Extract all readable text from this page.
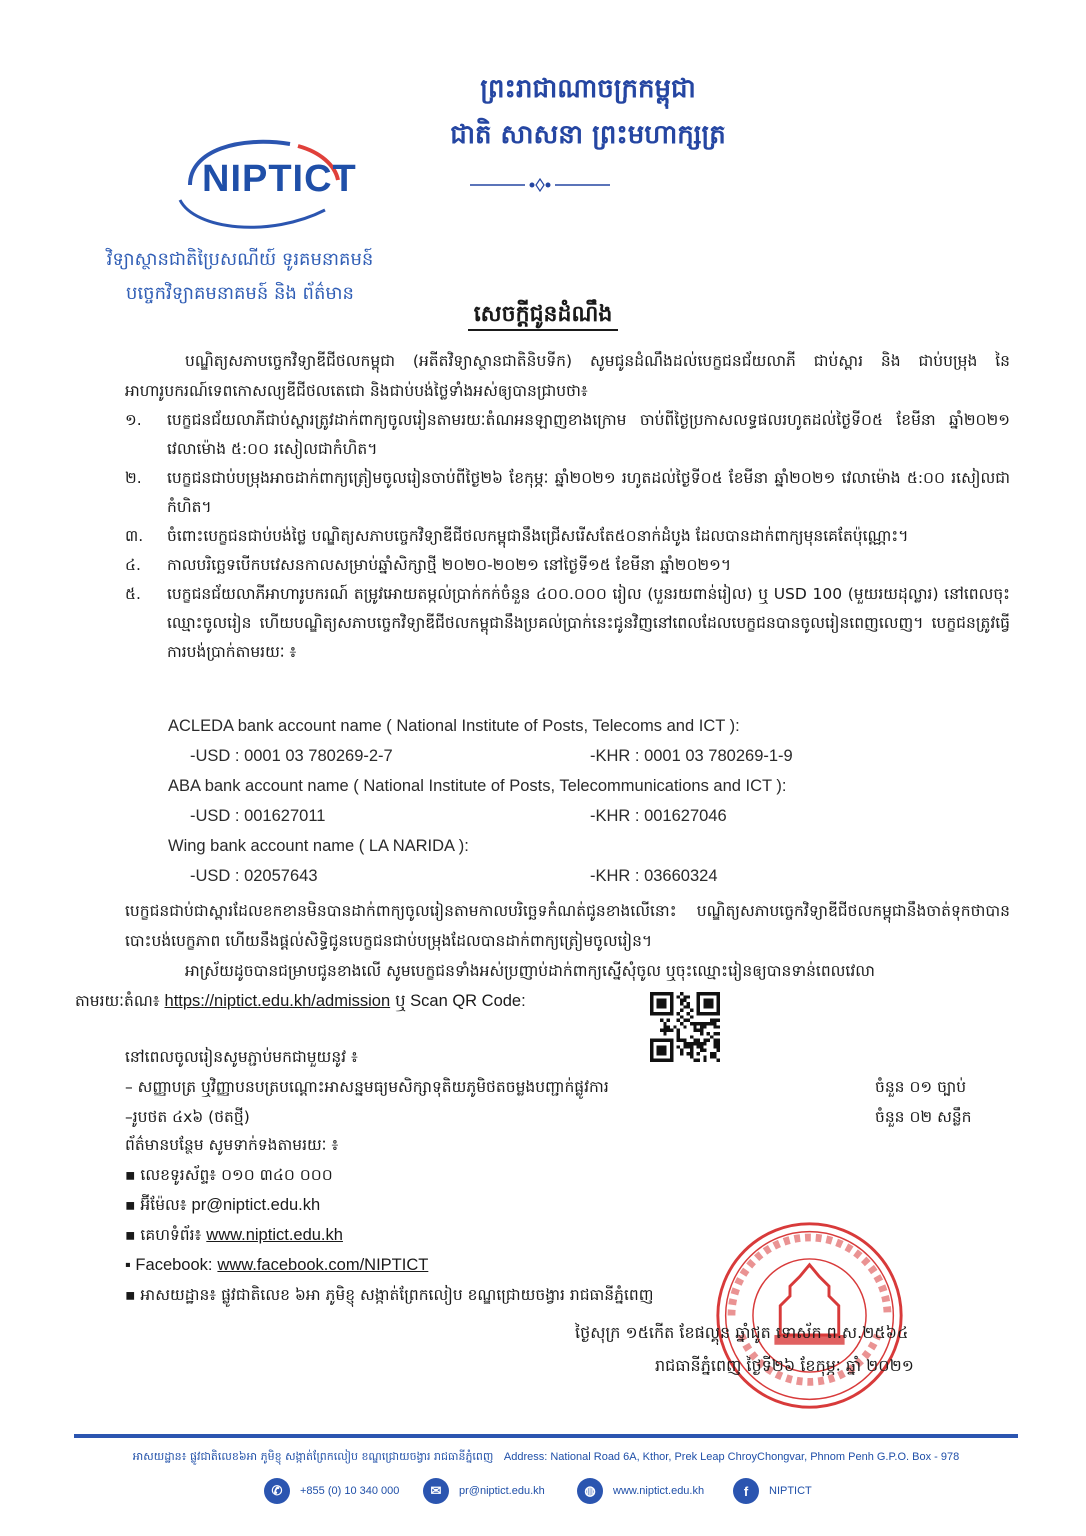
ព្រះរាជាណាចក្រកម្ពុជា
ជាតិ សាសនា ព្រះមហាក្សត្រ
NIPTICT
វិទ្យាស្ថានជាតិប្រៃសណីយ៍ ទូរគមនាគមន៍
បច្ចេកវិទ្យាគមនាគមន៍ និង ព័ត៌មាន
សេចក្តីជូនដំណឹង

បណ្ឌិត្យសភាបច្ចេកវិទ្យាឌីជីថលកម្ពុជា (អតីតវិទ្យាស្ថានជាតិនិបទីក) សូមជូនដំណឹងដល់បេក្ខជនជ័យលាភី ជាប់ស្ពារ និង ជាប់បម្រុង នៃអាហារូបករណ៍ទេពកោសល្យឌីជីថលតេជោ និងជាប់បង់ថ្លៃទាំងអស់ឲ្យបានជ្រាបថា៖

១. បេក្ខជនជ័យលាភីជាប់ស្ពារត្រូវដាក់ពាក្យចូលរៀនតាមរយៈតំណអនឡាញខាងក្រោម ចាប់ពីថ្ងៃប្រកាសលទ្ធផលរហូតដល់ថ្ងៃទី០៥ ខែមីនា ឆ្នាំ២០២១ វេលាម៉ោង ៥:០០ រសៀលជាកំហិត។
២. បេក្ខជនជាប់បម្រុងអាចដាក់ពាក្យត្រៀមចូលរៀនចាប់ពីថ្ងៃ២៦ ខែកុម្ភៈ ឆ្នាំ២០២១ រហូតដល់ថ្ងៃទី០៥ ខែមីនា ឆ្នាំ២០២១ វេលាម៉ោង ៥:០០ រសៀលជាកំហិត។
៣. ចំពោះបេក្ខជនជាប់បង់ថ្លៃ បណ្ឌិត្យសភាបច្ចេកវិទ្យាឌីជីថលកម្ពុជានឹងជ្រើសរើសតែ៥០នាក់ដំបូង ដែលបានដាក់ពាក្យមុនគេតែប៉ុណ្ណោះ។
៤. កាលបរិច្ឆេទបើកបវេសនកាលសម្រាប់ឆ្នាំសិក្សាថ្មី ២០២០-២០២១ នៅថ្ងៃទី១៥ ខែមីនា ឆ្នាំ២០២១។
៥. បេក្ខជនជ័យលាភីអាហារូបករណ៍ តម្រូវអោយតម្កល់ប្រាក់កក់ចំនួន ៤០០.០០០ រៀល (បួនរយពាន់រៀល) ឬ USD 100 (មួយរយដុល្លារ) នៅពេលចុះឈ្មោះចូលរៀន ហើយបណ្ឌិត្យសភាបច្ចេកវិទ្យាឌីជីថលកម្ពុជានឹងប្រគល់ប្រាក់នេះជូនវិញនៅពេលដែលបេក្ខជនបានចូលរៀនពេញលេញ។ បេក្ខជនត្រូវធ្វើការបង់ប្រាក់តាមរយៈ ៖
ACLEDA bank account name ( National Institute of Posts, Telecoms and ICT ):
-USD : 0001 03 780269-2-7	-KHR : 0001 03 780269-1-9
ABA bank account name ( National Institute of Posts, Telecommunications and ICT ):
-USD : 001627011	-KHR : 001627046
Wing bank account name ( LA NARIDA ):
-USD : 02057643	-KHR : 03660324

បេក្ខជនជាប់ជាស្ពារដែលខកខានមិនបានដាក់ពាក្យចូលរៀនតាមកាលបរិច្ឆេទកំណត់ជូនខាងលើនោះ បណ្ឌិត្យសភាបច្ចេកវិទ្យាឌីជីថលកម្ពុជានឹងចាត់ទុកថាបានបោះបង់បេក្ខភាព ហើយនឹងផ្តល់សិទ្ធិជូនបេក្ខជនជាប់បម្រុងដែលបានដាក់ពាក្យត្រៀមចូលរៀន។

អាស្រ័យដូចបានជម្រាបជូនខាងលើ សូមបេក្ខជនទាំងអស់ប្រញាប់ដាក់ពាក្យស្នើសុំចូល ឬចុះឈ្មោះរៀនឲ្យបានទាន់ពេលវេលា

តាមរយៈតំណ៖ https://niptict.edu.kh/admission ឬ Scan QR Code:
នៅពេលចូលរៀនសូមភ្ជាប់មកជាមួយនូវ ៖
– សញ្ញាបត្រ ឬវិញ្ញាបនបត្របណ្តោះអាសន្នមធ្យមសិក្សាទុតិយភូមិថតចម្លងបញ្ជាក់ផ្លូវការ	ចំនួន ០១ ច្បាប់
–រូបថត ៤x៦ (ថតថ្មី)	ចំនួន ០២ សន្លឹក
ព័ត៌មានបន្ថែម សូមទាក់ទងតាមរយៈ ៖
▪ លេខទូរស័ព្ទ៖ ០១០ ៣៤០ ០០០
▪ អ៊ីម៉ែល៖ pr@niptict.edu.kh
▪ គេហទំព័រ៖ www.niptict.edu.kh
▪ Facebook: www.facebook.com/NIPTICT
▪ អាសយដ្ឋាន៖ ផ្លូវជាតិលេខ ៦អា ភូមិខ្ញុ សង្កាត់ព្រែកលៀប ខណ្ឌជ្រោយចង្វារ រាជធានីភ្នំពេញ
ថ្ងៃសុក្រ ១៥កើត ខែផល្គុន ឆ្នាំជូត ទោស័ក ព.ស.២៥៦៤
រាជធានីភ្នំពេញ ថ្ងៃទី២៦ ខែកុម្ភៈ ឆ្នាំ ២០២១
អាសយដ្ឋាន៖ ផ្លូវជាតិលេខ៦អា ភូមិខ្ញុ សង្កាត់ព្រែកលៀប ខណ្ឌជ្រោយចង្វារ រាជធានីភ្នំពេញ Address: National Road 6A, Kthor, Prek Leap ChroyChongvar, Phnom Penh G.P.O. Box - 978
✆	+855 (0) 10 340 000	✉	pr@niptict.edu.kh	◍	www.niptict.edu.kh	f	NIPTICT
